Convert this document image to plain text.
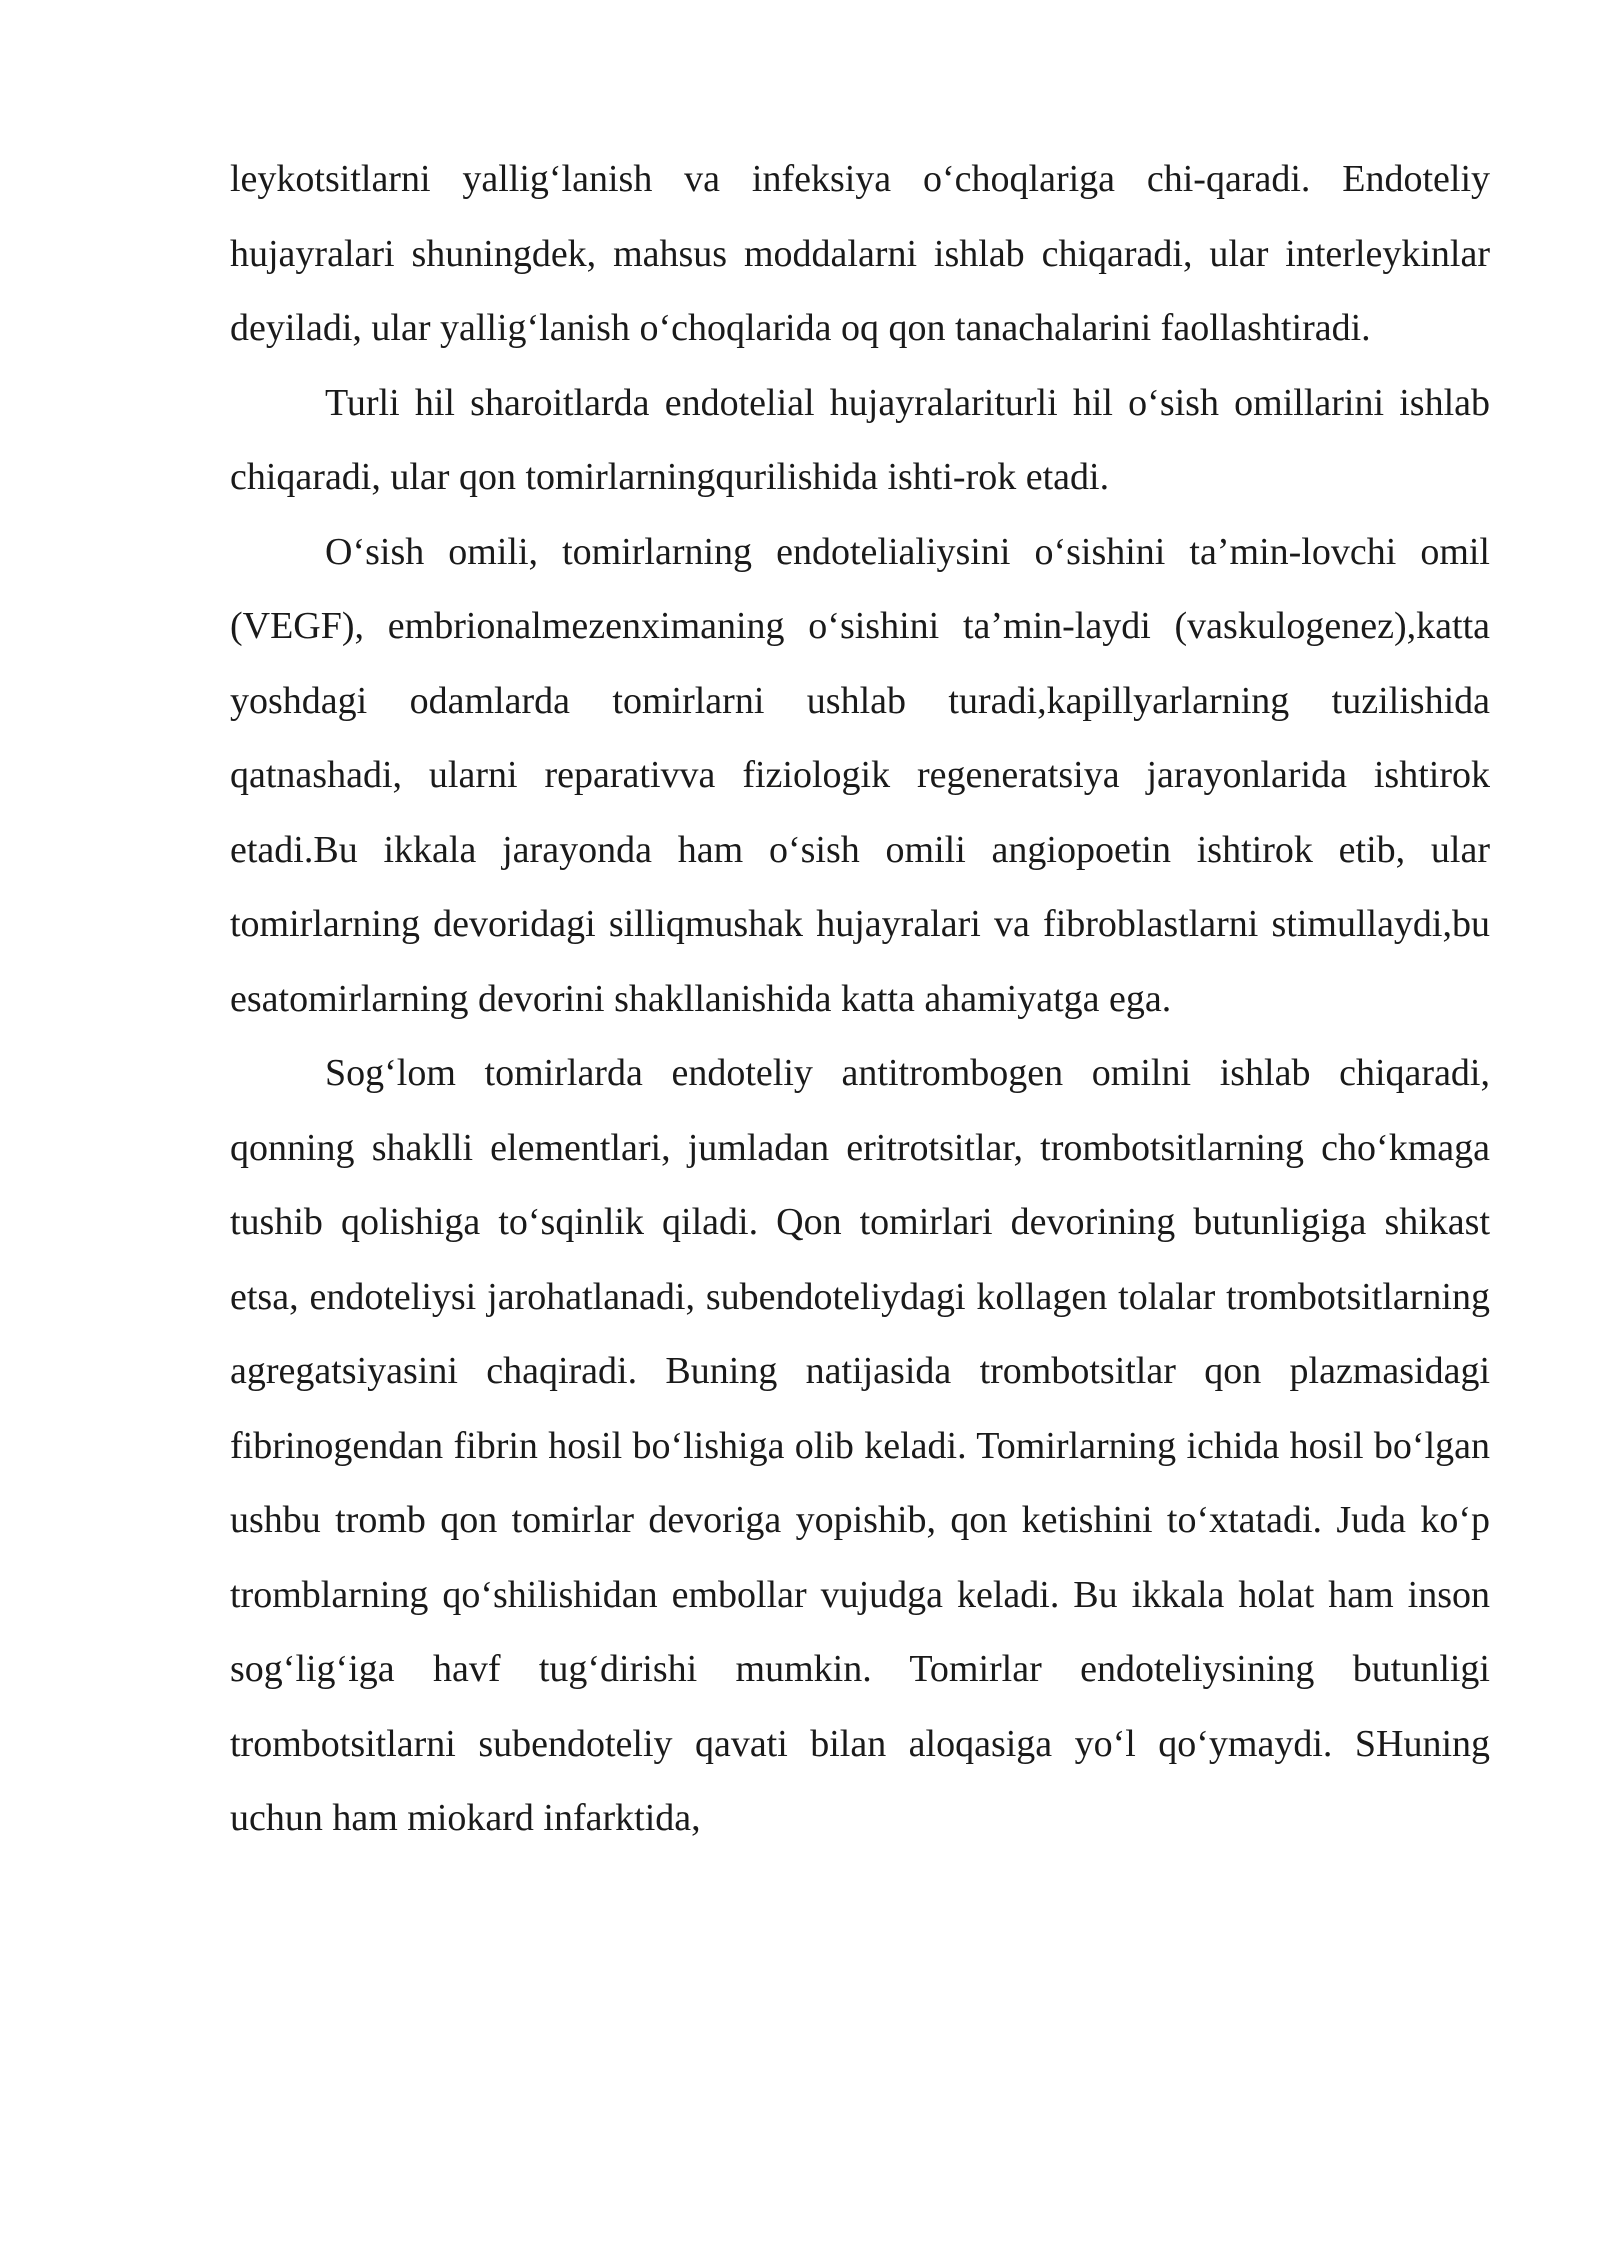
leykotsitlarni yallig‘lanish va infeksiya o‘choqlariga chi-qaradi. Endoteliy hujayralari shuningdek, mahsus moddalarni ishlab chiqaradi, ular interleykinlar deyiladi, ular yallig‘lanish o‘choqlarida oq qon tanachalarini faollashtiradi.

Turli hil sharoitlarda endotelial hujayralariturli hil o‘sish omillarini ishlab chiqaradi, ular qon tomirlarningqurilishida ishti-rok etadi.

O‘sish omili, tomirlarning endotelialiysini o‘sishini ta’min-lovchi omil (VEGF), embrionalmezenximaning o‘sishini ta’min-laydi (vaskulogenez),katta yoshdagi odamlarda tomirlarni ushlab turadi,kapillyarlarning tuzilishida qatnashadi, ularni reparativva fiziologik regeneratsiya jarayonlarida ishtirok etadi.Bu ikkala jarayonda ham o‘sish omili angiopoetin ishtirok etib, ular tomirlarning devoridagi silliqmushak hujayralari va fibroblastlarni stimullaydi,bu esatomirlarning devorini shakllanishida katta ahamiyatga ega.

Sog‘lom tomirlarda endoteliy antitrombogen omilni ishlab chiqaradi, qonning shaklli elementlari, jumladan eritrotsitlar, trombotsitlarning cho‘kmaga tushib qolishiga to‘sqinlik qiladi. Qon tomirlari devorining butunligiga shikast etsa, endoteliysi jarohatlanadi, subendoteliydagi kollagen tolalar trombotsitlarning agregatsiyasini chaqiradi. Buning natijasida trombotsitlar qon plazmasidagi fibrinogendan fibrin hosil bo‘lishiga olib keladi. Tomirlarning ichida hosil bo‘lgan ushbu tromb qon tomirlar devoriga yopishib, qon ketishini to‘xtatadi. Juda ko‘p tromblarning qo‘shilishidan embollar vujudga keladi. Bu ikkala holat ham inson sog‘lig‘iga havf tug‘dirishi mumkin. Tomirlar endoteliysining butunligi trombotsitlarni subendoteliy qavati bilan aloqasiga yo‘l qo‘ymaydi. SHuning uchun ham miokard infarktida,
